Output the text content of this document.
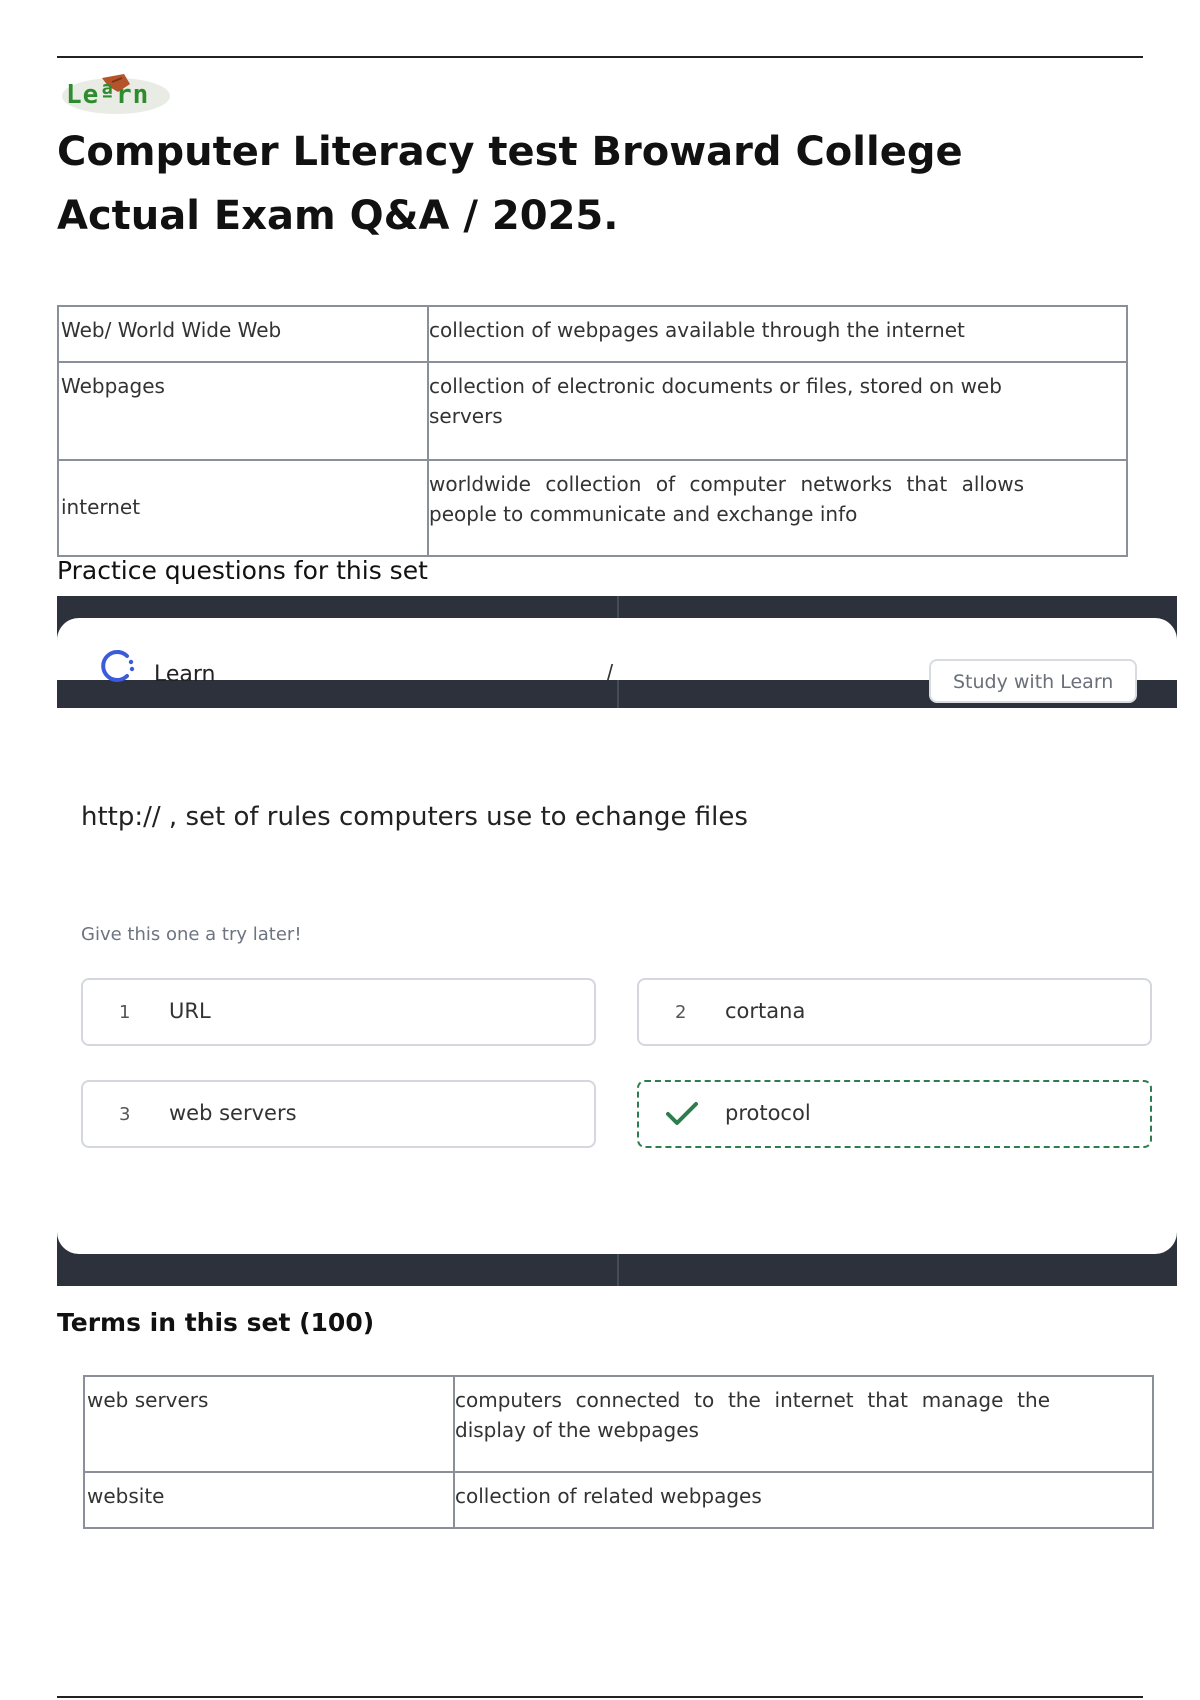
Leªrn
Computer Literacy test Broward College
Actual Exam Q&A / 2025.
Web/ World Wide Web	collection of webpages available through the internet

Webpages	collection of electronic documents or files, stored on web servers

internet	worldwide collection of computer networks that allows people to communicate and exchange info
Practice questions for this set
Learn	/	Study with Learn
http:// , set of rules computers use to echange files
Give this one a try later!
1 URL	2 cortana
3 web servers	protocol
Terms in this set (100)
web servers	computers connected to the internet that manage the display of the webpages

website	collection of related webpages
